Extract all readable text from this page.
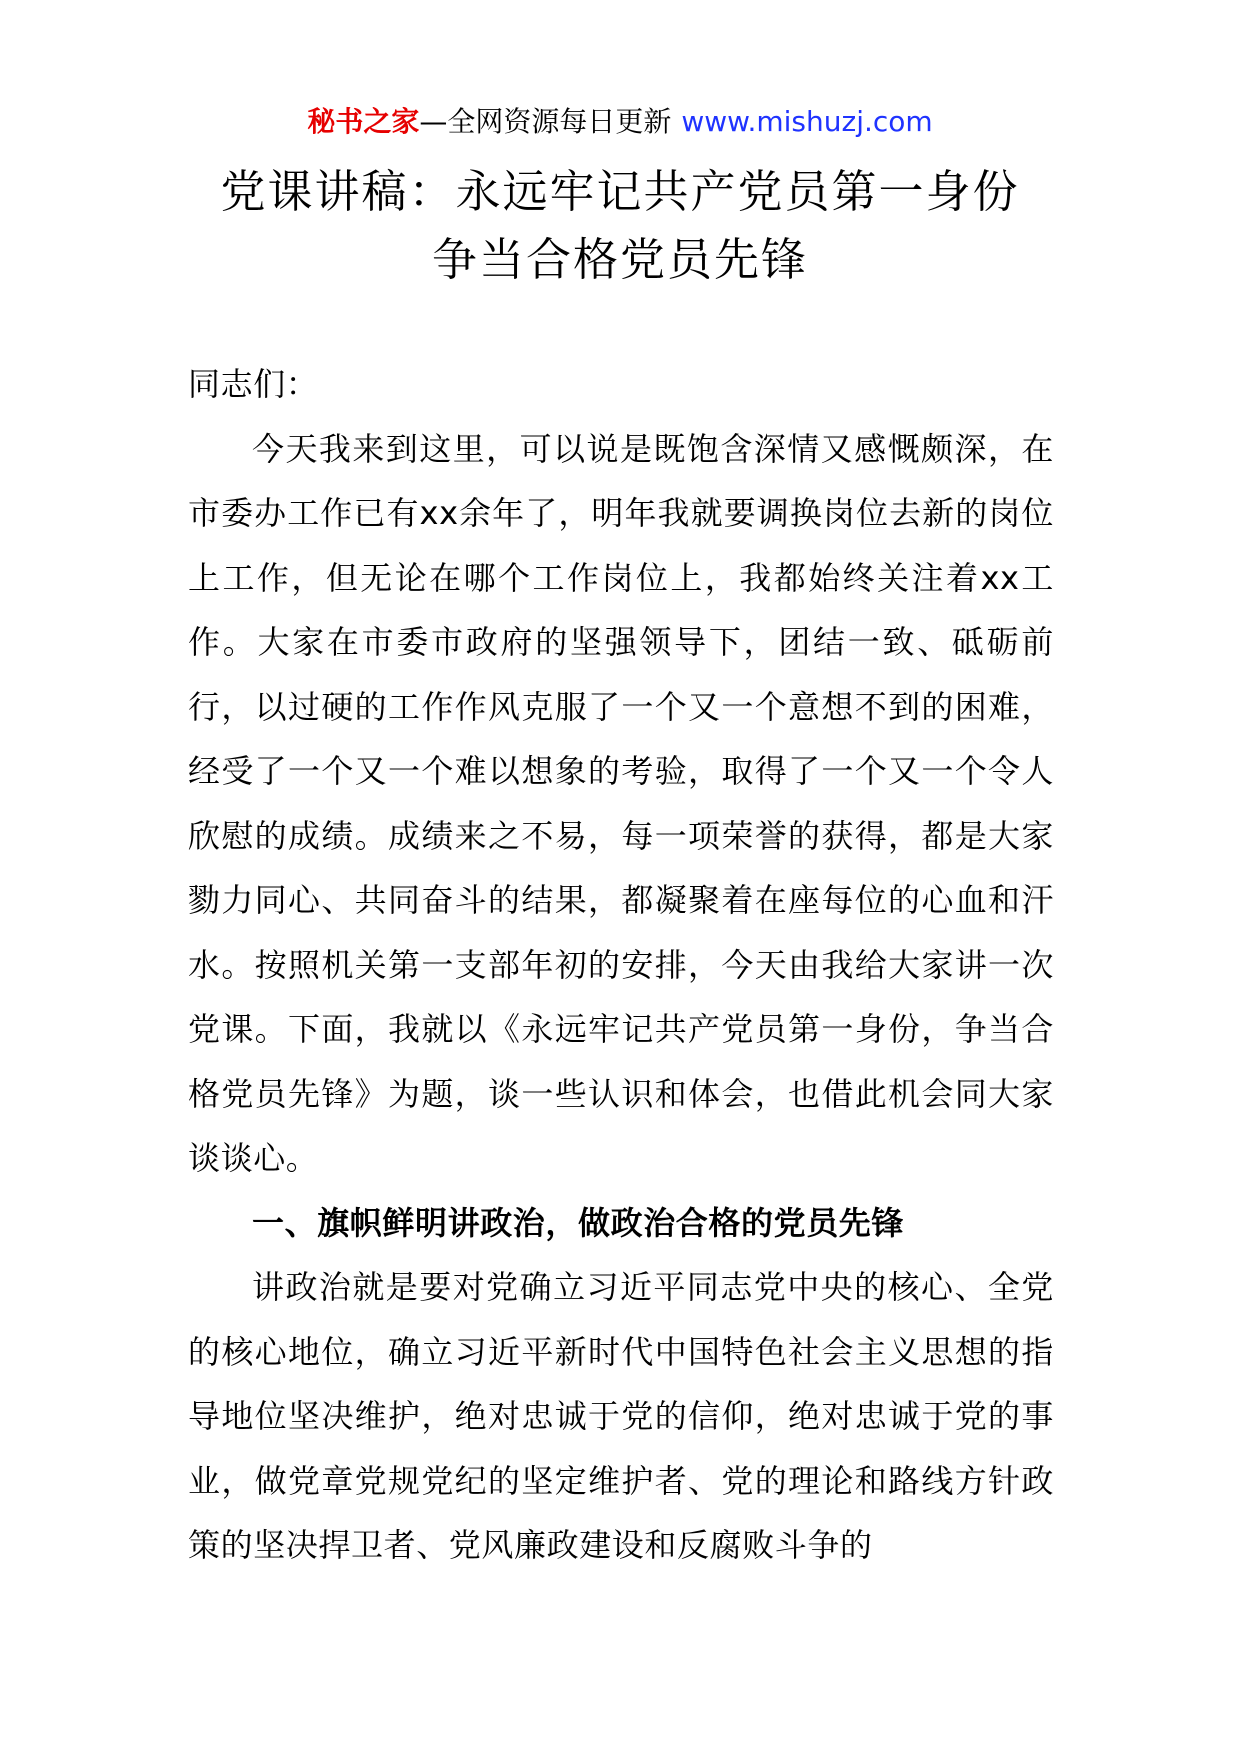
秘书之家—全网资源每日更新 www.mishuzj.com
党课讲稿：永远牢记共产党员第一身份
争当合格党员先锋

同志们：

今天我来到这里，可以说是既饱含深情又感慨颇深，在市委办工作已有xx余年了，明年我就要调换岗位去新的岗位上工作，但无论在哪个工作岗位上，我都始终关注着xx工作。大家在市委市政府的坚强领导下，团结一致、砥砺前行，以过硬的工作作风克服了一个又一个意想不到的困难，经受了一个又一个难以想象的考验，取得了一个又一个令人欣慰的成绩。成绩来之不易，每一项荣誉的获得，都是大家勠力同心、共同奋斗的结果，都凝聚着在座每位的心血和汗水。按照机关第一支部年初的安排，今天由我给大家讲一次党课。下面，我就以《永远牢记共产党员第一身份，争当合格党员先锋》为题，谈一些认识和体会，也借此机会同大家谈谈心。

一、旗帜鲜明讲政治，做政治合格的党员先锋

讲政治就是要对党确立习近平同志党中央的核心、全党的核心地位，确立习近平新时代中国特色社会主义思想的指导地位坚决维护，绝对忠诚于党的信仰，绝对忠诚于党的事业，做党章党规党纪的坚定维护者、党的理论和路线方针政策的坚决捍卫者、党风廉政建设和反腐败斗争的
